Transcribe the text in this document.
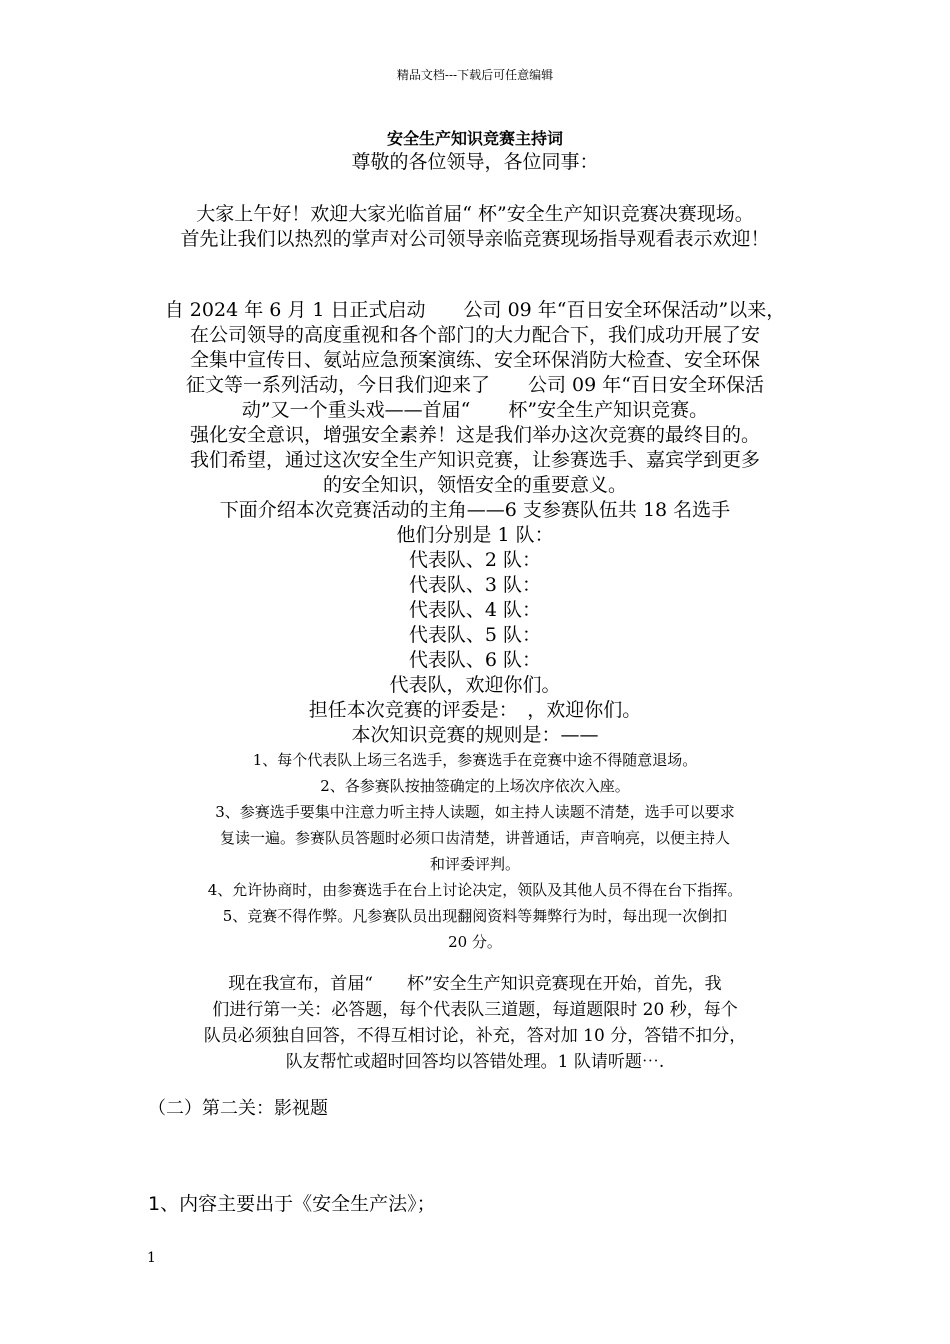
精品文档---下载后可任意编辑
安全生产知识竞赛主持词
尊敬的各位领导，各位同事：
大家上午好！欢迎大家光临首届“ 杯”安全生产知识竞赛决赛现场。
首先让我们以热烈的掌声对公司领导亲临竞赛现场指导观看表示欢迎！
自 2024 年 6 月 1 日正式启动　　公司 09 年“百日安全环保活动”以来，
在公司领导的高度重视和各个部门的大力配合下，我们成功开展了安
全集中宣传日、氨站应急预案演练、安全环保消防大检查、安全环保
征文等一系列活动，今日我们迎来了　　公司 09 年“百日安全环保活
动”又一个重头戏——首届“　　杯”安全生产知识竞赛。
强化安全意识，增强安全素养！这是我们举办这次竞赛的最终目的。
我们希望，通过这次安全生产知识竞赛，让参赛选手、嘉宾学到更多
的安全知识，领悟安全的重要意义。
下面介绍本次竞赛活动的主角——6 支参赛队伍共 18 名选手
他们分别是 1 队：
代表队、2 队：
代表队、3 队：
代表队、4 队：
代表队、5 队：
代表队、6 队：
代表队，欢迎你们。
担任本次竞赛的评委是：　，欢迎你们。
本次知识竞赛的规则是：——
1、每个代表队上场三名选手，参赛选手在竞赛中途不得随意退场。
2、各参赛队按抽签确定的上场次序依次入座。
3、参赛选手要集中注意力听主持人读题，如主持人读题不清楚，选手可以要求
复读一遍。参赛队员答题时必须口齿清楚，讲普通话，声音响亮，以便主持人
和评委评判。
4、允许协商时，由参赛选手在台上讨论决定，领队及其他人员不得在台下指挥。
5、竞赛不得作弊。凡参赛队员出现翻阅资料等舞弊行为时，每出现一次倒扣
20 分。
现在我宣布，首届“　　杯”安全生产知识竞赛现在开始，首先，我
们进行第一关：必答题，每个代表队三道题，每道题限时 20 秒，每个
队员必须独自回答，不得互相讨论，补充，答对加 10 分，答错不扣分，
队友帮忙或超时回答均以答错处理。1 队请听题⋯.
（二）第二关：影视题
1、内容主要出于《安全生产法》；
1
